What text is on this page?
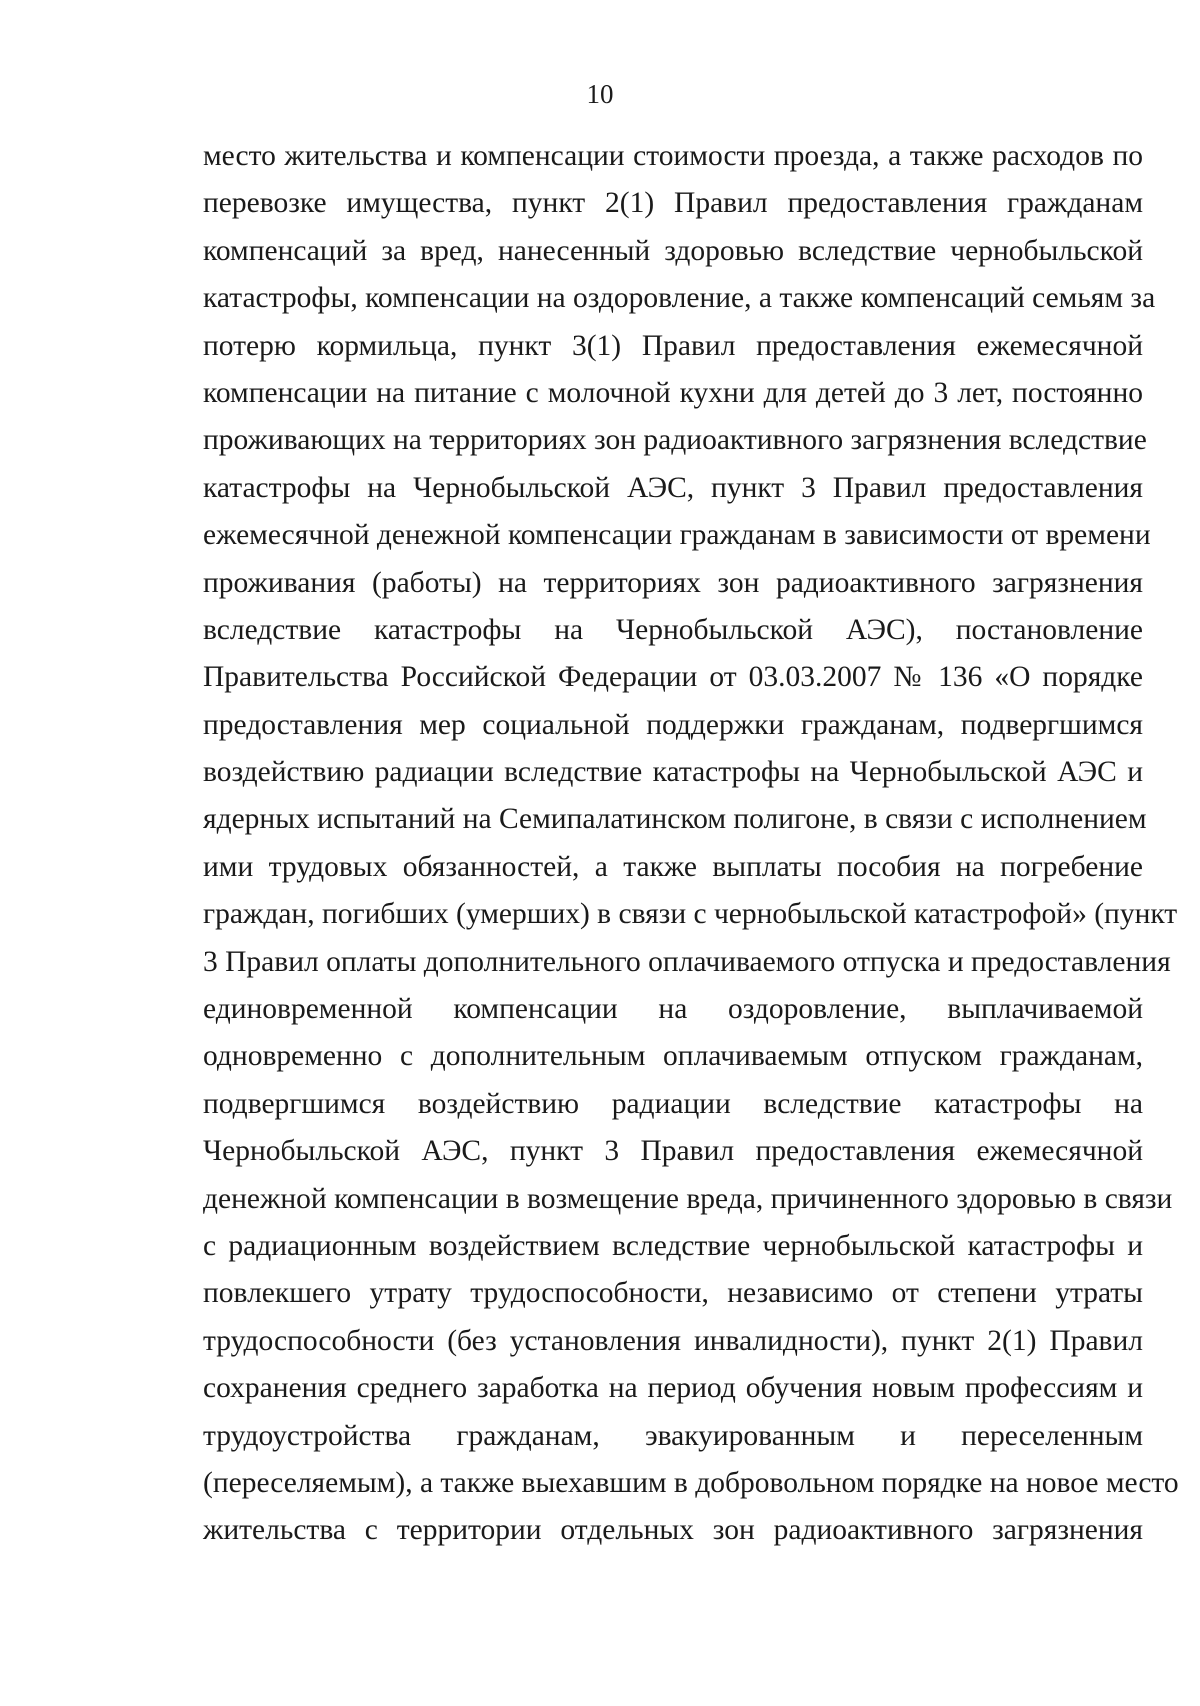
10
место жительства и компенсации стоимости проезда, а также расходов по
перевозке имущества, пункт 2(1) Правил предоставления гражданам
компенсаций за вред, нанесенный здоровью вследствие чернобыльской
катастрофы, компенсации на оздоровление, а также компенсаций семьям за
потерю кормильца, пункт 3(1) Правил предоставления ежемесячной
компенсации на питание с молочной кухни для детей до 3 лет, постоянно
проживающих на территориях зон радиоактивного загрязнения вследствие
катастрофы на Чернобыльской АЭС, пункт 3 Правил предоставления
ежемесячной денежной компенсации гражданам в зависимости от времени
проживания (работы) на территориях зон радиоактивного загрязнения
вследствие катастрофы на Чернобыльской АЭС), постановление
Правительства Российской Федерации от 03.03.2007 № 136 «О порядке
предоставления мер социальной поддержки гражданам, подвергшимся
воздействию радиации вследствие катастрофы на Чернобыльской АЭС и
ядерных испытаний на Семипалатинском полигоне, в связи с исполнением
ими трудовых обязанностей, а также выплаты пособия на погребение
граждан, погибших (умерших) в связи с чернобыльской катастрофой» (пункт
3 Правил оплаты дополнительного оплачиваемого отпуска и предоставления
единовременной компенсации на оздоровление, выплачиваемой
одновременно с дополнительным оплачиваемым отпуском гражданам,
подвергшимся воздействию радиации вследствие катастрофы на
Чернобыльской АЭС, пункт 3 Правил предоставления ежемесячной
денежной компенсации в возмещение вреда, причиненного здоровью в связи
с радиационным воздействием вследствие чернобыльской катастрофы и
повлекшего утрату трудоспособности, независимо от степени утраты
трудоспособности (без установления инвалидности), пункт 2(1) Правил
сохранения среднего заработка на период обучения новым профессиям и
трудоустройства гражданам, эвакуированным и переселенным
(переселяемым), а также выехавшим в добровольном порядке на новое место
жительства с территории отдельных зон радиоактивного загрязнения
